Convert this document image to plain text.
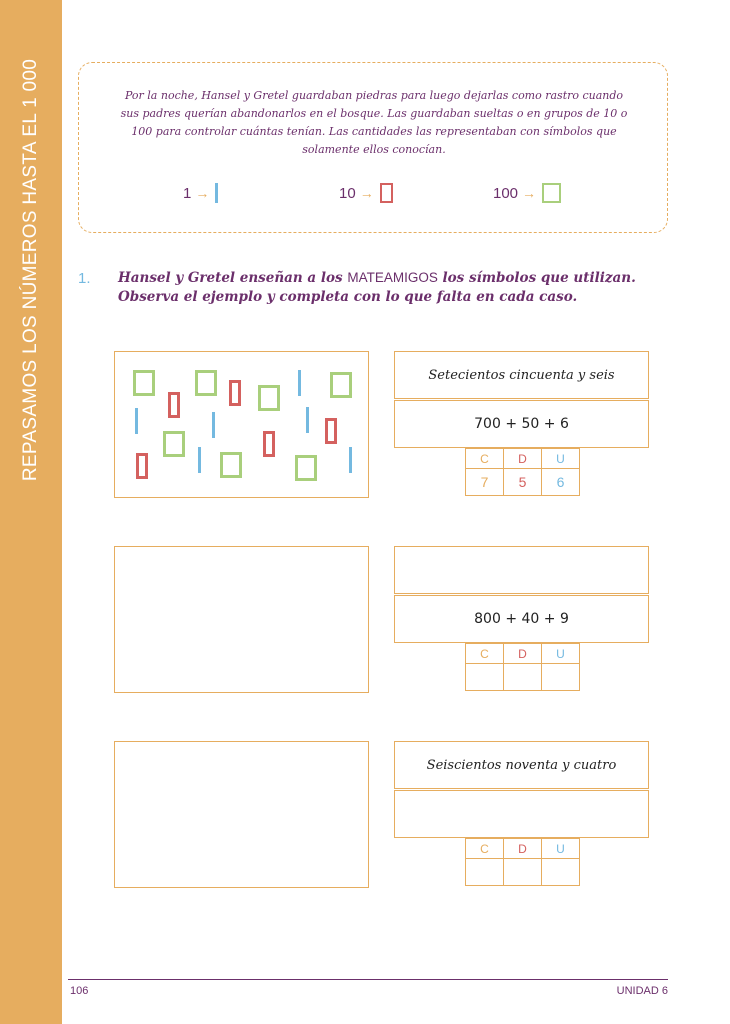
REPASAMOS LOS NÚMEROS HASTA EL 1 000	Por la noche, Hansel y Gretel guardaban piedras para luego dejarlas como rastro cuando sus padres querían abandonarlos en el bosque. Las guardaban sueltas o en grupos de 10 o 100 para controlar cuántas tenían. Las cantidades las representaban con símbolos que solamente ellos conocían.

1 →	10 →	100 →
1. Hansel y Gretel enseñan a los MATEAMIGOS los símbolos que utilizan. Observa el ejemplo y completa con lo que falta en cada caso.

Setecientos cincuenta y seis
700 + 50 + 6
C	D	U
7	5	6
800 + 40 + 9
C	D	U

Seiscientos noventa y cuatro
C	D	U

106	UNIDAD 6
